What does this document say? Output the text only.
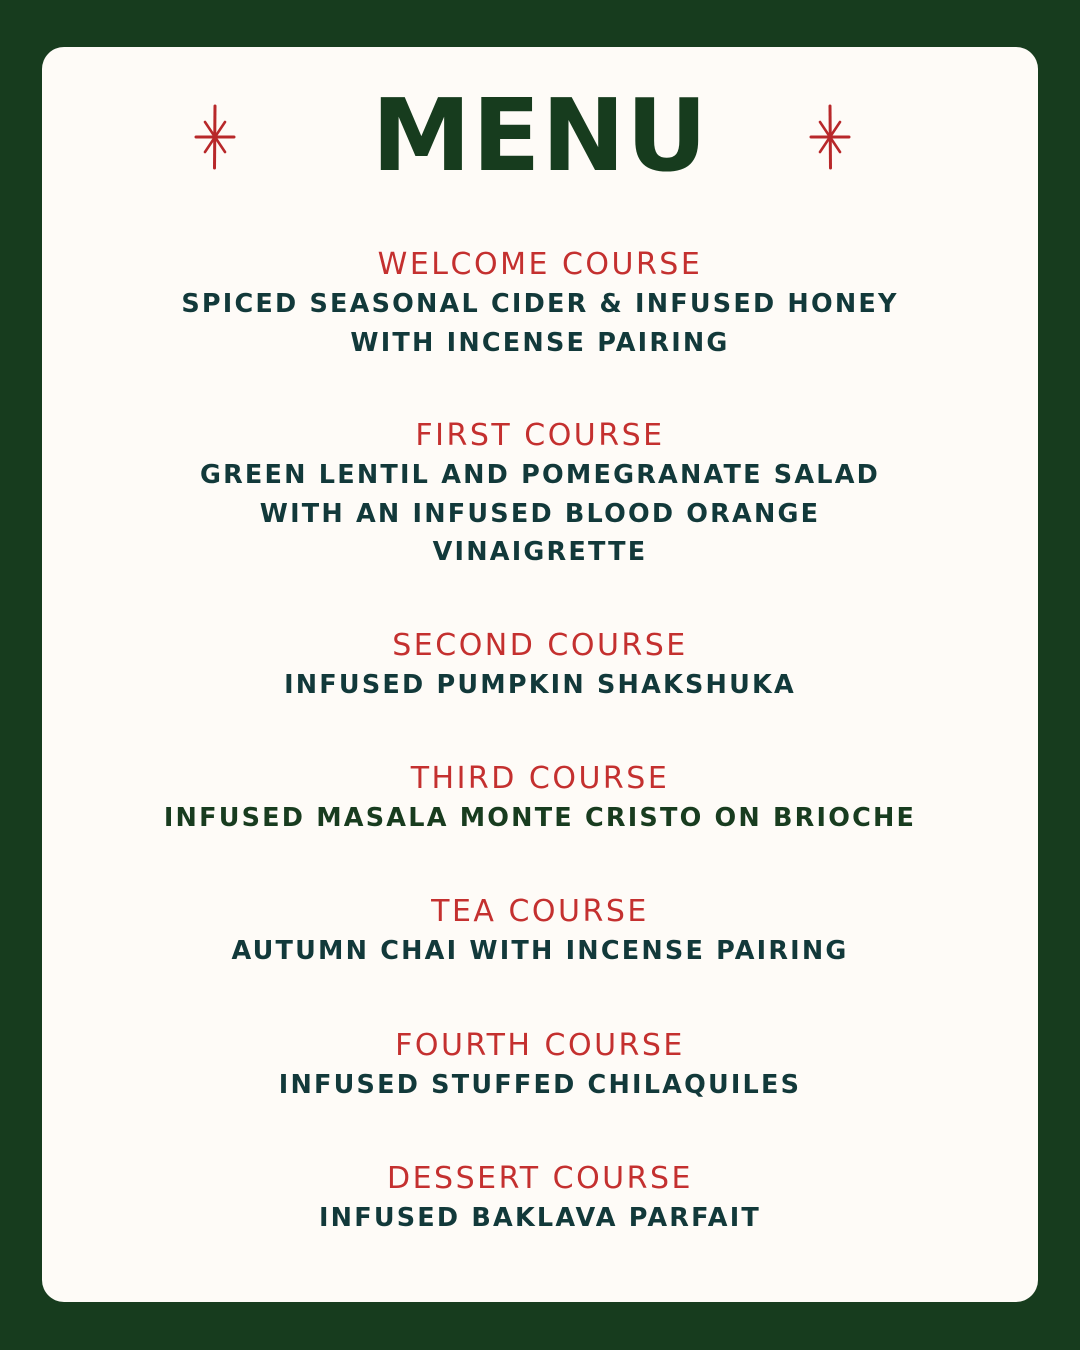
MENU
WELCOME COURSE

SPICED SEASONAL CIDER & INFUSED HONEY
WITH INCENSE PAIRING

FIRST COURSE

GREEN LENTIL AND POMEGRANATE SALAD
WITH AN INFUSED BLOOD ORANGE
VINAIGRETTE

SECOND COURSE

INFUSED PUMPKIN SHAKSHUKA

THIRD COURSE

INFUSED MASALA MONTE CRISTO ON BRIOCHE

TEA COURSE

AUTUMN CHAI WITH INCENSE PAIRING

FOURTH COURSE

INFUSED STUFFED CHILAQUILES

DESSERT COURSE

INFUSED BAKLAVA PARFAIT
